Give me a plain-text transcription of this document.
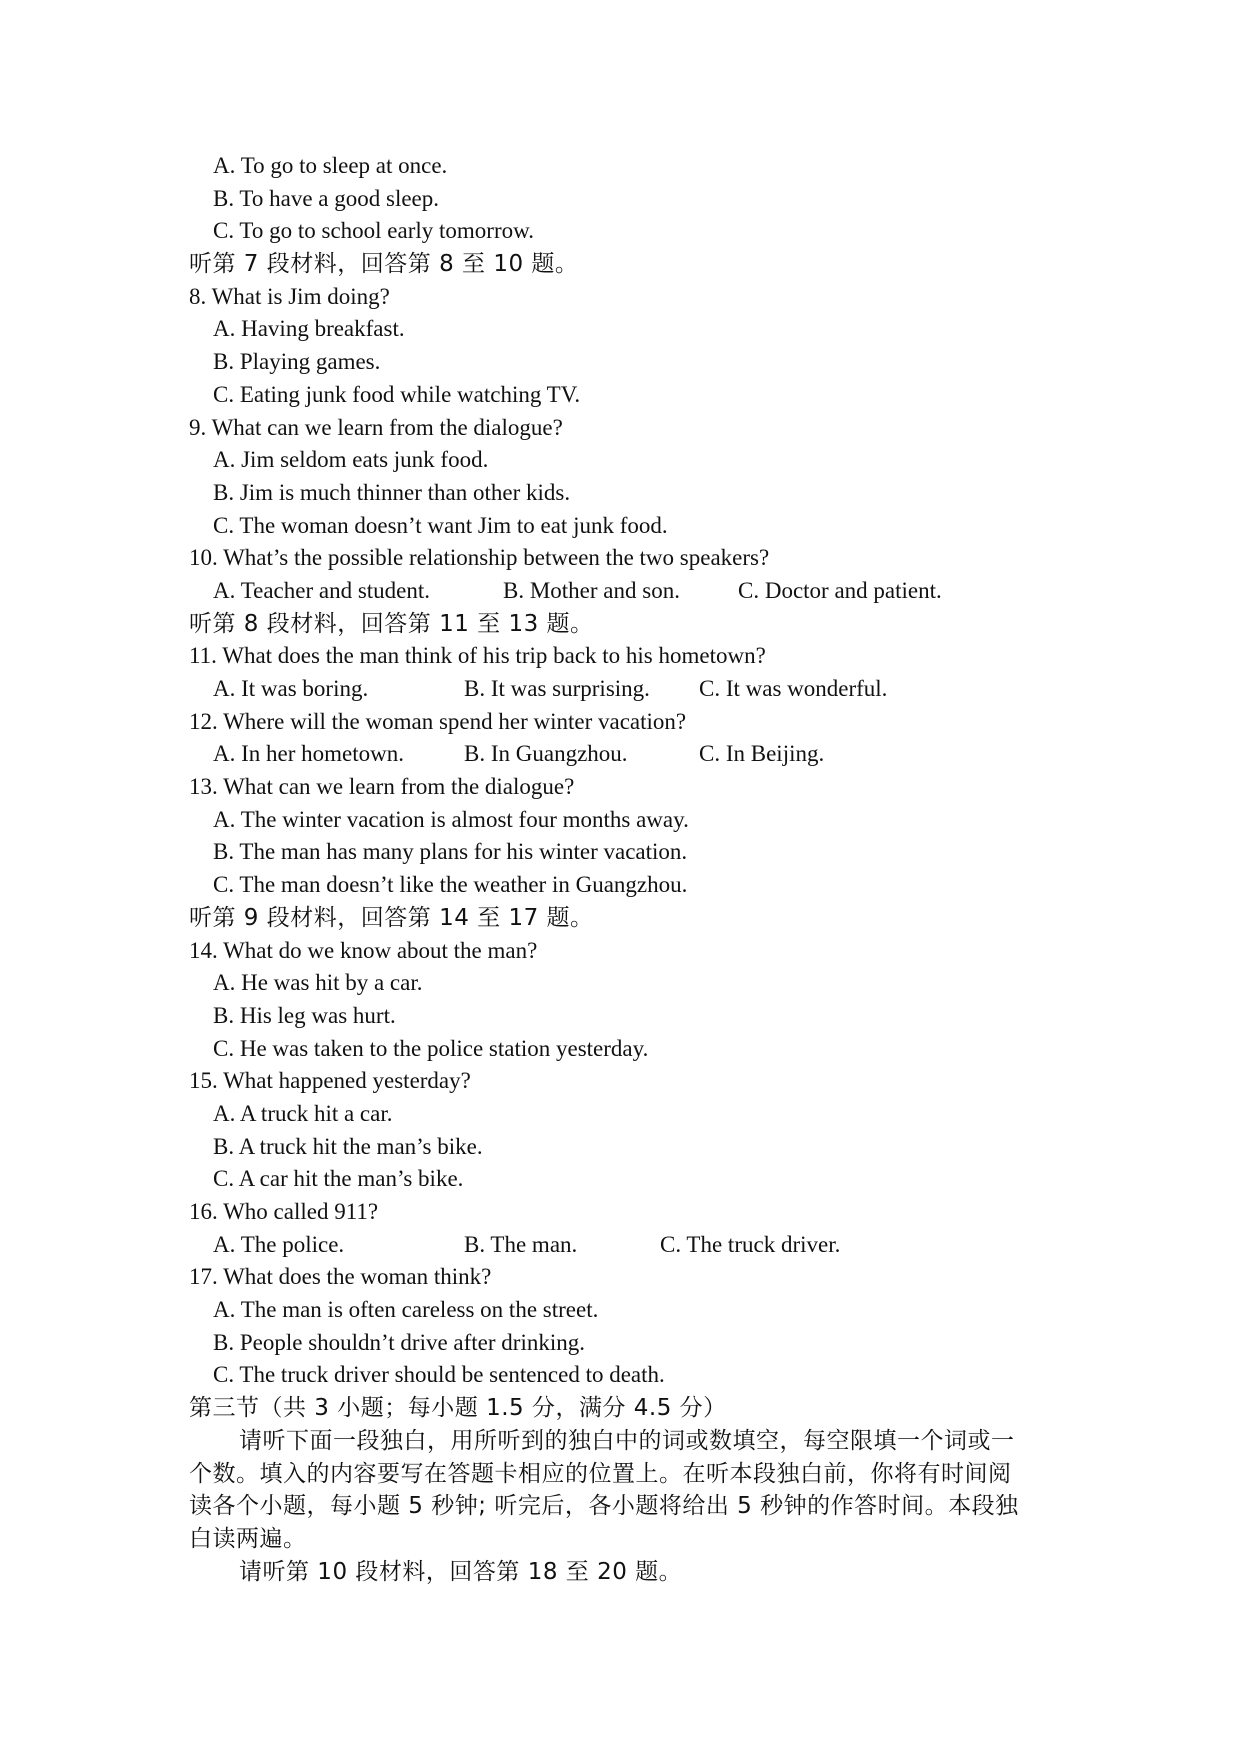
A. To go to sleep at once.
B. To have a good sleep.
C. To go to school early tomorrow.
听第 7 段材料，回答第 8 至 10 题。
8. What is Jim doing?
A. Having breakfast.
B. Playing games.
C. Eating junk food while watching TV.
9. What can we learn from the dialogue?
A. Jim seldom eats junk food.
B. Jim is much thinner than other kids.
C. The woman doesn’t want Jim to eat junk food.
10. What’s the possible relationship between the two speakers?
A. Teacher and student.	B. Mother and son.	C. Doctor and patient.
听第 8 段材料，回答第 11 至 13 题。
11. What does the man think of his trip back to his hometown?
A. It was boring.	B. It was surprising.	C. It was wonderful.
12. Where will the woman spend her winter vacation?
A. In her hometown.	B. In Guangzhou.	C. In Beijing.
13. What can we learn from the dialogue?
A. The winter vacation is almost four months away.
B. The man has many plans for his winter vacation.
C. The man doesn’t like the weather in Guangzhou.
听第 9 段材料，回答第 14 至 17 题。
14. What do we know about the man?
A. He was hit by a car.
B. His leg was hurt.
C. He was taken to the police station yesterday.
15. What happened yesterday?
A. A truck hit a car.
B. A truck hit the man’s bike.
C. A car hit the man’s bike.
16. Who called 911?
A. The police.	B. The man.	C. The truck driver.
17. What does the woman think?
A. The man is often careless on the street.
B. People shouldn’t drive after drinking.
C. The truck driver should be sentenced to death.
第三节（共 3 小题；每小题 1.5 分，满分 4.5 分）
请听下面一段独白，用所听到的独白中的词或数填空，每空限填一个词或一
个数。填入的内容要写在答题卡相应的位置上。在听本段独白前，你将有时间阅
读各个小题，每小题 5 秒钟; 听完后，各小题将给出 5 秒钟的作答时间。本段独
白读两遍。
请听第 10 段材料，回答第 18 至 20 题。
